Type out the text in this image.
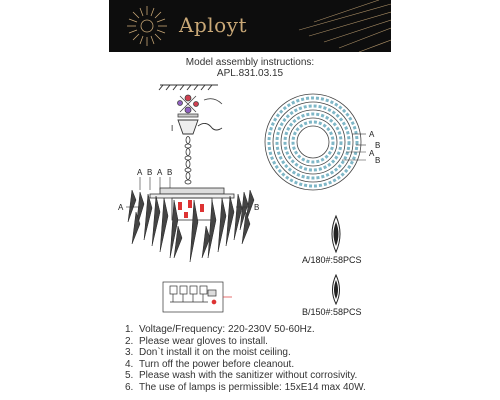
Aployt
Model assembly instructions:
APL.831.03.15
I
A B A B
A	B
A
B
A
B
A/180#:58PCS
B/150#:58PCS
1. Voltage/Frequency: 220-230V 50-60Hz.
2. Please wear gloves to install.
3. Don`t install it on the moist ceiling.
4. Turn off the power before cleanout.
5. Please wash with the sanitizer without corrosivity.
6. The use of lamps is permissible: 15xE14 max 40W.
